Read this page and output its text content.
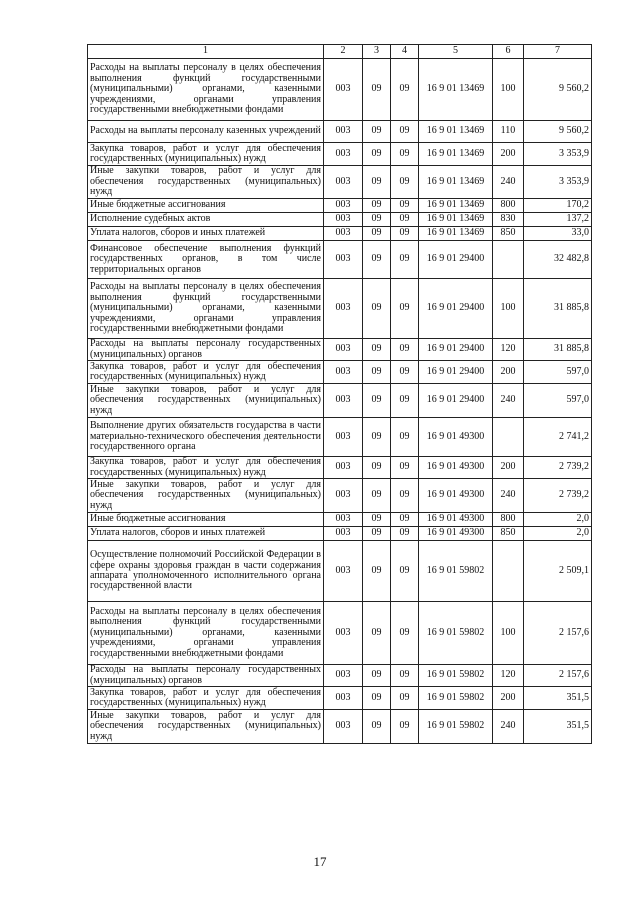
1	2	3	4	5	6	7
Расходы на выплаты персоналу в целях обеспечения выполнения функций государственными (муниципальными) органами, казенными учреждениями, органами управления государственными внебюджетными фондами	003	09	09	16 9 01 13469	100	9 560,2
Расходы на выплаты персоналу казенных учреждений	003	09	09	16 9 01 13469	110	9 560,2
Закупка товаров, работ и услуг для обеспечения государственных (муниципальных) нужд	003	09	09	16 9 01 13469	200	3 353,9
Иные закупки товаров, работ и услуг для обеспечения государственных (муниципальных) нужд	003	09	09	16 9 01 13469	240	3 353,9
Иные бюджетные ассигнования	003	09	09	16 9 01 13469	800	170,2
Исполнение судебных актов	003	09	09	16 9 01 13469	830	137,2
Уплата налогов, сборов и иных платежей	003	09	09	16 9 01 13469	850	33,0
Финансовое обеспечение выполнения функций государственных органов, в том числе территориальных органов	003	09	09	16 9 01 29400		32 482,8
Расходы на выплаты персоналу в целях обеспечения выполнения функций государственными (муниципальными) органами, казенными учреждениями, органами управления государственными внебюджетными фондами	003	09	09	16 9 01 29400	100	31 885,8
Расходы на выплаты персоналу государственных (муниципальных) органов	003	09	09	16 9 01 29400	120	31 885,8
Закупка товаров, работ и услуг для обеспечения государственных (муниципальных) нужд	003	09	09	16 9 01 29400	200	597,0
Иные закупки товаров, работ и услуг для обеспечения государственных (муниципальных) нужд	003	09	09	16 9 01 29400	240	597,0
Выполнение других обязательств государства в части материально-технического обеспечения деятельности государственного органа	003	09	09	16 9 01 49300		2 741,2
Закупка товаров, работ и услуг для обеспечения государственных (муниципальных) нужд	003	09	09	16 9 01 49300	200	2 739,2
Иные закупки товаров, работ и услуг для обеспечения государственных (муниципальных) нужд	003	09	09	16 9 01 49300	240	2 739,2
Иные бюджетные ассигнования	003	09	09	16 9 01 49300	800	2,0
Уплата налогов, сборов и иных платежей	003	09	09	16 9 01 49300	850	2,0
Осуществление полномочий Российской Федерации в сфере охраны здоровья граждан в части содержания аппарата уполномоченного исполнительного органа государственной власти	003	09	09	16 9 01 59802		2 509,1
Расходы на выплаты персоналу в целях обеспечения выполнения функций государственными (муниципальными) органами, казенными учреждениями, органами управления государственными внебюджетными фондами	003	09	09	16 9 01 59802	100	2 157,6
Расходы на выплаты персоналу государственных (муниципальных) органов	003	09	09	16 9 01 59802	120	2 157,6
Закупка товаров, работ и услуг для обеспечения государственных (муниципальных) нужд	003	09	09	16 9 01 59802	200	351,5
Иные закупки товаров, работ и услуг для обеспечения государственных (муниципальных) нужд	003	09	09	16 9 01 59802	240	351,5
17
